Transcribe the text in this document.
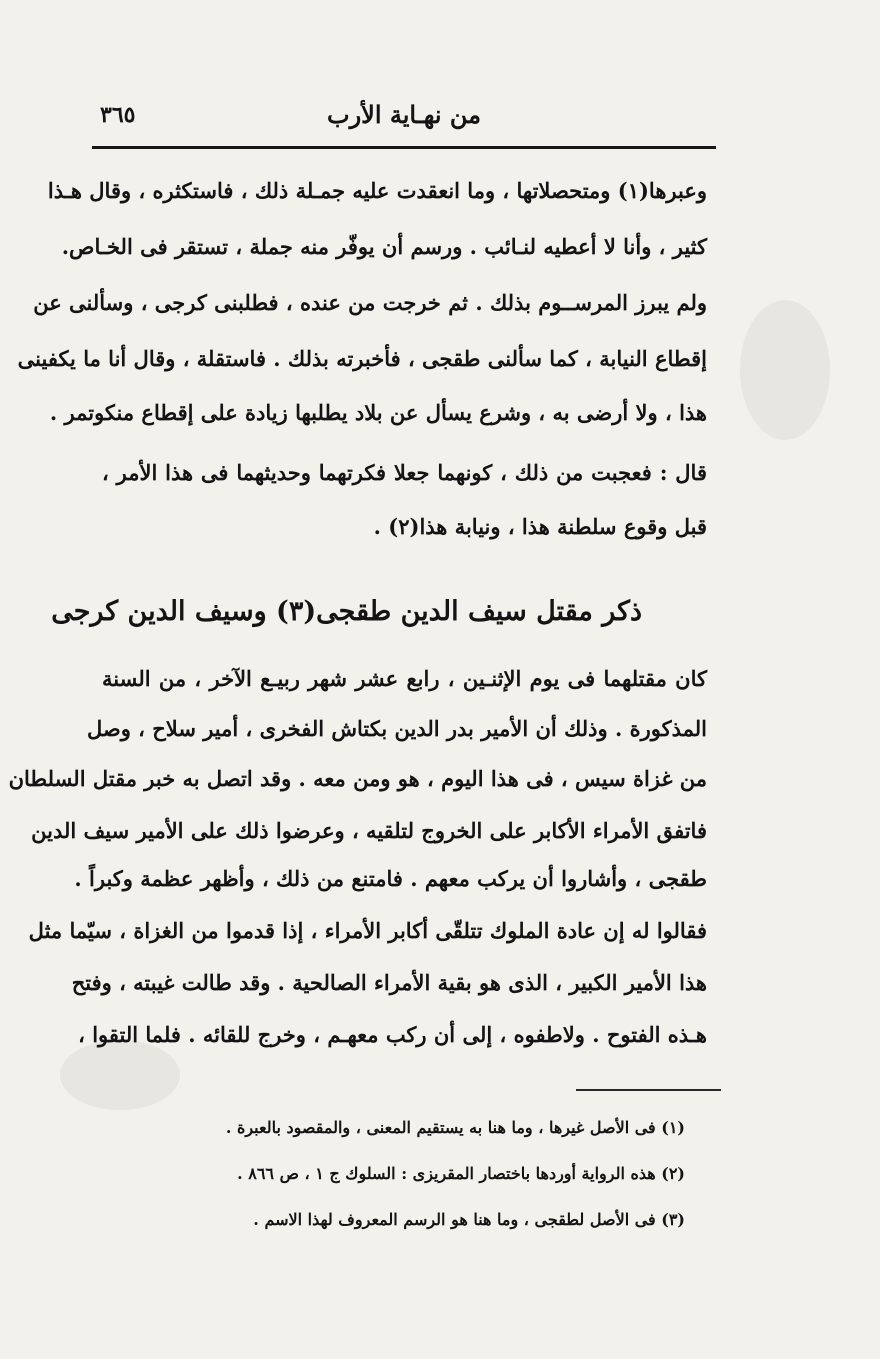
من نهـاية الأرب
٣٦٥
وعبرها(١) ومتحصلاتها ، وما انعقدت عليه جمـلة ذلك ، فاستكثره ، وقال هـذا
كثير ، وأنا لا أعطيه لنـائب . ورسم أن يوفّر منه جملة ، تستقر فى الخـاص.
ولم يبرز المرســوم بذلك . ثم خرجت من عنده ، فطلبنى كرجى ، وسألنى عن
إقطاع النيابة ، كما سألنى طقجى ، فأخبرته بذلك . فاستقلة ، وقال أنا ما يكفينى
هذا ، ولا أرضى به ، وشرع يسأل عن بلاد يطلبها زيادة على إقطاع منكوتمر .
قال : فعجبت من ذلك ، كونهما جعلا فكرتهما وحديثهما فى هذا الأمر ،
قبل وقوع سلطنة هذا ، ونيابة هذا(٢) .
ذكر مقتل سيف الدين طقجى(٣) وسيف الدين كرجى
كان مقتلهما فى يوم الإثنـين ، رابع عشر شهر ربيـع الآخر ، من السنة
المذكورة . وذلك أن الأمير بدر الدين بكتاش الفخرى ، أمير سلاح ، وصل
من غزاة سيس ، فى هذا اليوم ، هو ومن معه . وقد اتصل به خبر مقتل السلطان
فاتفق الأمراء الأكابر على الخروج لتلقيه ، وعرضوا ذلك على الأمير سيف الدين
طقجى ، وأشاروا أن يركب معهم . فامتنع من ذلك ، وأظهر عظمة وكبراً .
فقالوا له إن عادة الملوك تتلقّى أكابر الأمراء ، إذا قدموا من الغزاة ، سيّما مثل
هذا الأمير الكبير ، الذى هو بقية الأمراء الصالحية . وقد طالت غيبته ، وفتح
هـذه الفتوح . ولاطفوه ، إلى أن ركب معهـم ، وخرج للقائه . فلما التقوا ،
(١) فى الأصل غيرها ، وما هنا به يستقيم المعنى ، والمقصود بالعبرة .
(٢) هذه الرواية أوردها باختصار المقريزى : السلوك ج ١ ، ص ٨٦٦ .
(٣) فى الأصل لطقجى ، وما هنا هو الرسم المعروف لهذا الاسم .
